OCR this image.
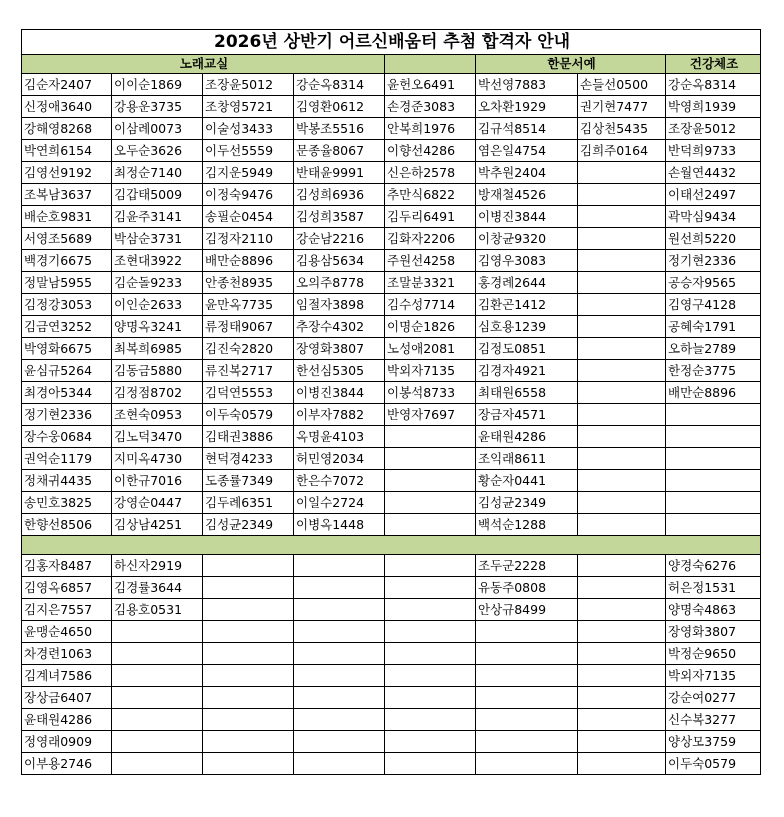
2026년 상반기 어르신배움터 추첨 합격자 안내							
노래교실					한문서예		건강체조
김순자2407	이이순1869	조장윤5012	강순옥8314	윤헌오6491	박선영7883	손들선0500	강순옥8314
신정애3640	강용운3735	조창영5721	김영환0612	손경준3083	오차환1929	권기현7477	박영희1939
강해영8268	이삼례0073	이술성3433	박봉조5516	안복희1976	김규석8514	김상천5435	조장윤5012
박연희6154	오두순3626	이두선5559	문종율8067	이향선4286	염은일4754	김희주0164	반덕희9733
김영선9192	최정순7140	김지운5949	반태윤9991	신은하2578	박추원2404		손월연4432
조복남3637	김갑태5009	이정숙9476	김성희6936	추만식6822	방재철4526		이태선2497
배순호9831	김윤주3141	송필순0454	김성희3587	김두리6491	이병진3844		곽막심9434
서영조5689	박삼순3731	김정자2110	강순남2216	김화자2206	이창균9320		원선희5220
백경기6675	조현대3922	배만순8896	김용삼5634	주원선4258	김영우3083		정기현2336
정말남5955	김순돌9233	안종천8935	오의주8778	조말분3321	홍경례2644		공승자9565
김정강3053	이인순2633	윤만옥7735	임절자3898	김수성7714	김환곤1412		김영구4128
김금연3252	양명옥3241	류정태9067	추장수4302	이명순1826	심호용1239		공혜숙1791
박영화6675	최복희6985	김진숙2820	장영화3807	노성애2081	김정도0851		오하늘2789
윤심규5264	김동금5880	류진복2717	한선심5305	박외자7135	김경자4921		한정순3775
최경아5344	김정점8702	김덕연5553	이병진3844	이봉석8733	최태원6558		배만순8896
정기현2336	조현숙0953	이두숙0579	이부자7882	반영자7697	장금자4571		
장수웅0684	김노덕3470	김태권3886	옥명윤4103		윤태원4286		
권억순1179	지미옥4730	현덕경4233	허민영2034		조익래8611		
정채귀4435	이한규7016	도종률7349	한은수7072		황순자0441		
송민호3825	강영순0447	김두례6351	이일수2724		김성균2349		
한향선8506	김상남4251	김성균2349	이병옥1448		백석순1288		

김홍자8487	하신자2919				조두군2228		양경숙6276
김영옥6857	김경률3644				유동주0808		허은정1531
김지은7557	김용호0531				안상규8499		양명숙4863
윤맹순4650							장영화3807
차경련1063							박정순9650
김계녀7586							박외자7135
장상금6407							강순여0277
윤태원4286							신수복3277
정영래0909							양상모3759
이부용2746							이두숙0579
